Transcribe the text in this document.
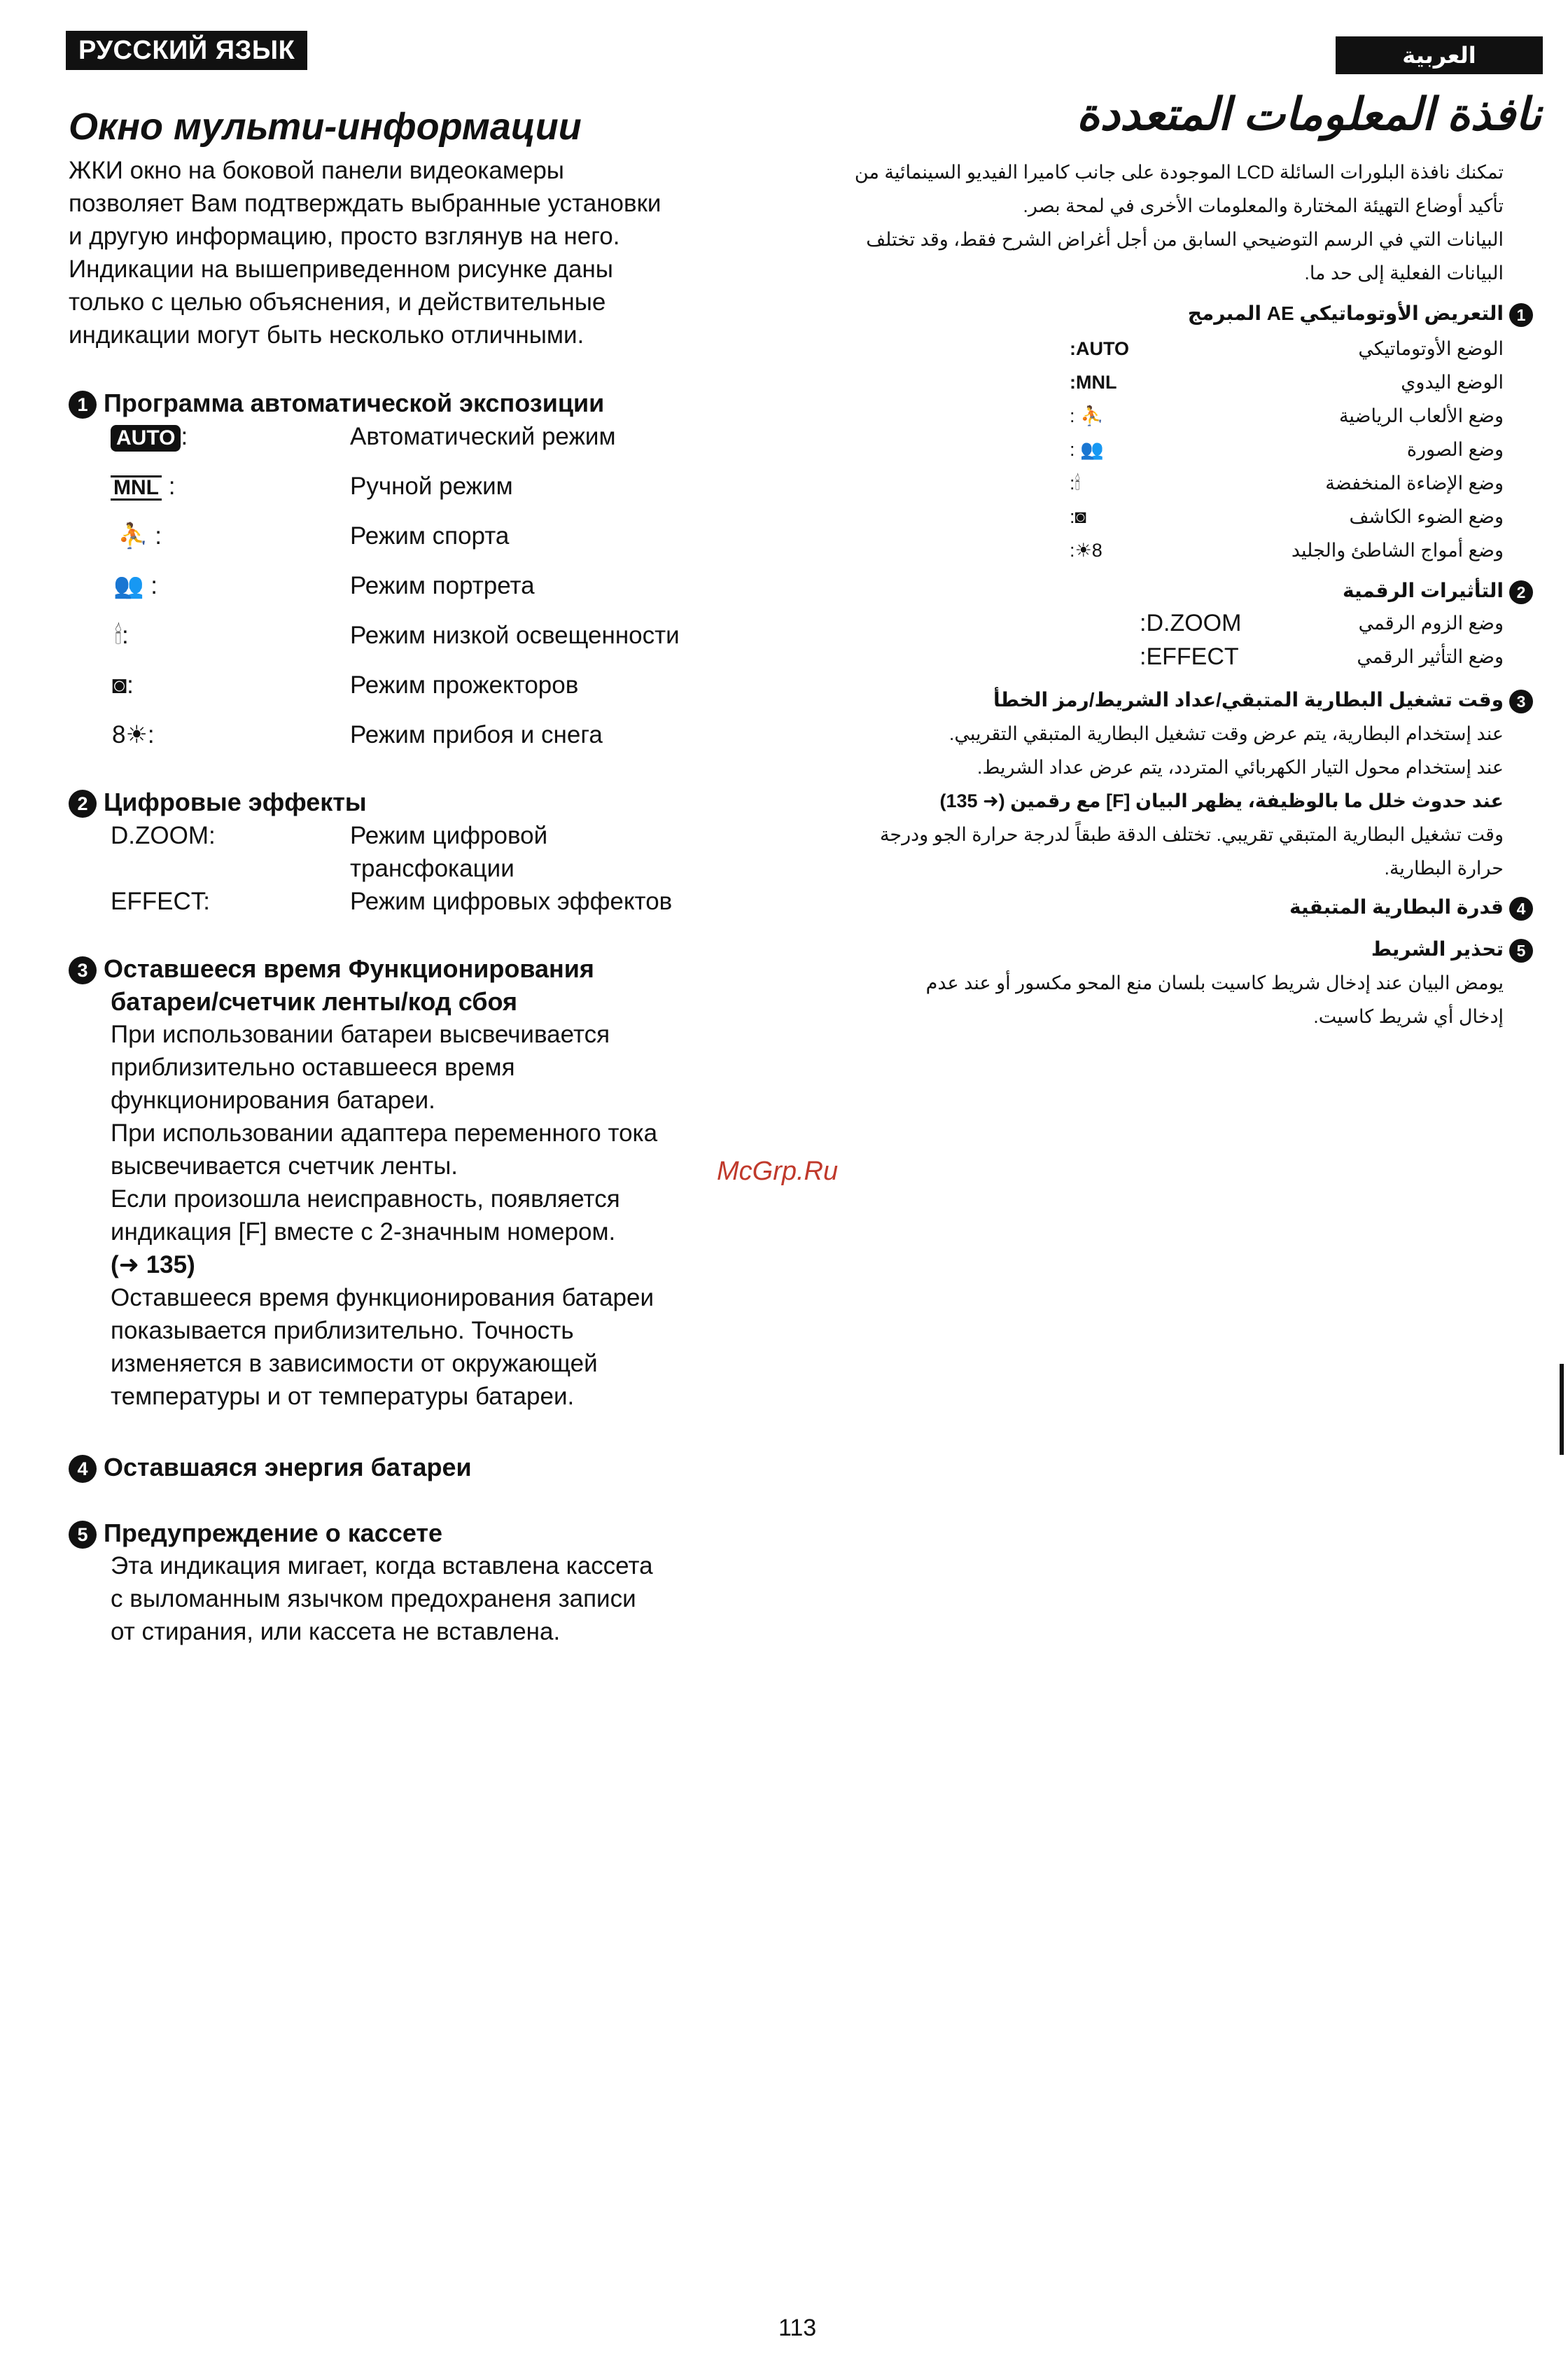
РУССКИЙ ЯЗЫК	العربية
Окно мульти-информации	نافذة المعلومات المتعددة
ЖКИ окно на боковой панели видеокамеры
позволяет Вам подтверждать выбранные установки
и другую информацию, просто взглянув на него.
Индикации на вышеприведенном рисунке даны
только с целью объяснения, и действительные
индикации могут быть несколько отличными.
1 Программа автоматической экспозиции
AUTO :	Автоматический режим
MNL :	Ручной режим
⛹ :	Режим спорта
👥 :	Режим портрета
🕯:	Режим низкой освещенности
◙:	Режим прожекторов
8☀:	Режим прибоя и снега
2 Цифровые эффекты
D.ZOOM:	Режим цифровой
трансфокации
EFFECT:	Режим цифровых эффектов
3 Оставшееся время Функционирования
батареи/счетчик ленты/код сбоя
При использовании батареи высвечивается
приблизительно оставшееся время
функционирования батареи.
При использовании адаптера переменного тока
высвечивается счетчик ленты.
Если произошла неисправность, появляется
индикация [F] вместе с 2-значным номером.
(➜ 135)
Оставшееся время функционирования батареи
показывается приблизительно. Точность
изменяется в зависимости от окружающей
температуры и от температуры батареи.
4 Оставшаяся энергия батареи
5 Предупреждение о кассете
Эта индикация мигает, когда вставлена кассета
с выломанным язычком предохраненя записи
от стирания, или кассета не вставлена.
تمكنك نافذة البلورات السائلة LCD الموجودة على جانب كاميرا الفيديو السينمائية من
تأكيد أوضاع التهيئة المختارة والمعلومات الأخرى في لمحة بصر.
البيانات التي في الرسم التوضيحي السابق من أجل أغراض الشرح فقط، وقد تختلف
البيانات الفعلية إلى حد ما.
1التعريض الأوتوماتيكي AE المبرمج
AUTO:	الوضع الأوتوماتيكي
MNL:	الوضع اليدوي
⛹ :	وضع الألعاب الرياضية
👥 :	وضع الصورة
🕯:	وضع الإضاءة المنخفضة
◙:	وضع الضوء الكاشف
8☀:	وضع أمواج الشاطئ والجليد
2التأثيرات الرقمية
D.ZOOM:	وضع الزوم الرقمي
EFFECT:	وضع التأثير الرقمي
3وقت تشغيل البطارية المتبقي/عداد الشريط/رمز الخطأ
عند إستخدام البطارية، يتم عرض وقت تشغيل البطارية المتبقي التقريبي.
عند إستخدام محول التيار الكهربائي المتردد، يتم عرض عداد الشريط.
عند حدوث خلل ما بالوظيفة، يظهر البيان [F] مع رقمين (➜ 135)
وقت تشغيل البطارية المتبقي تقريبي. تختلف الدقة طبقاً لدرجة حرارة الجو ودرجة
حرارة البطارية.
4قدرة البطارية المتبقية
5تحذير الشريط
يومض البيان عند إدخال شريط كاسيت بلسان منع المحو مكسور أو عند عدم
إدخال أي شريط كاسيت.
McGrp.Ru
113
